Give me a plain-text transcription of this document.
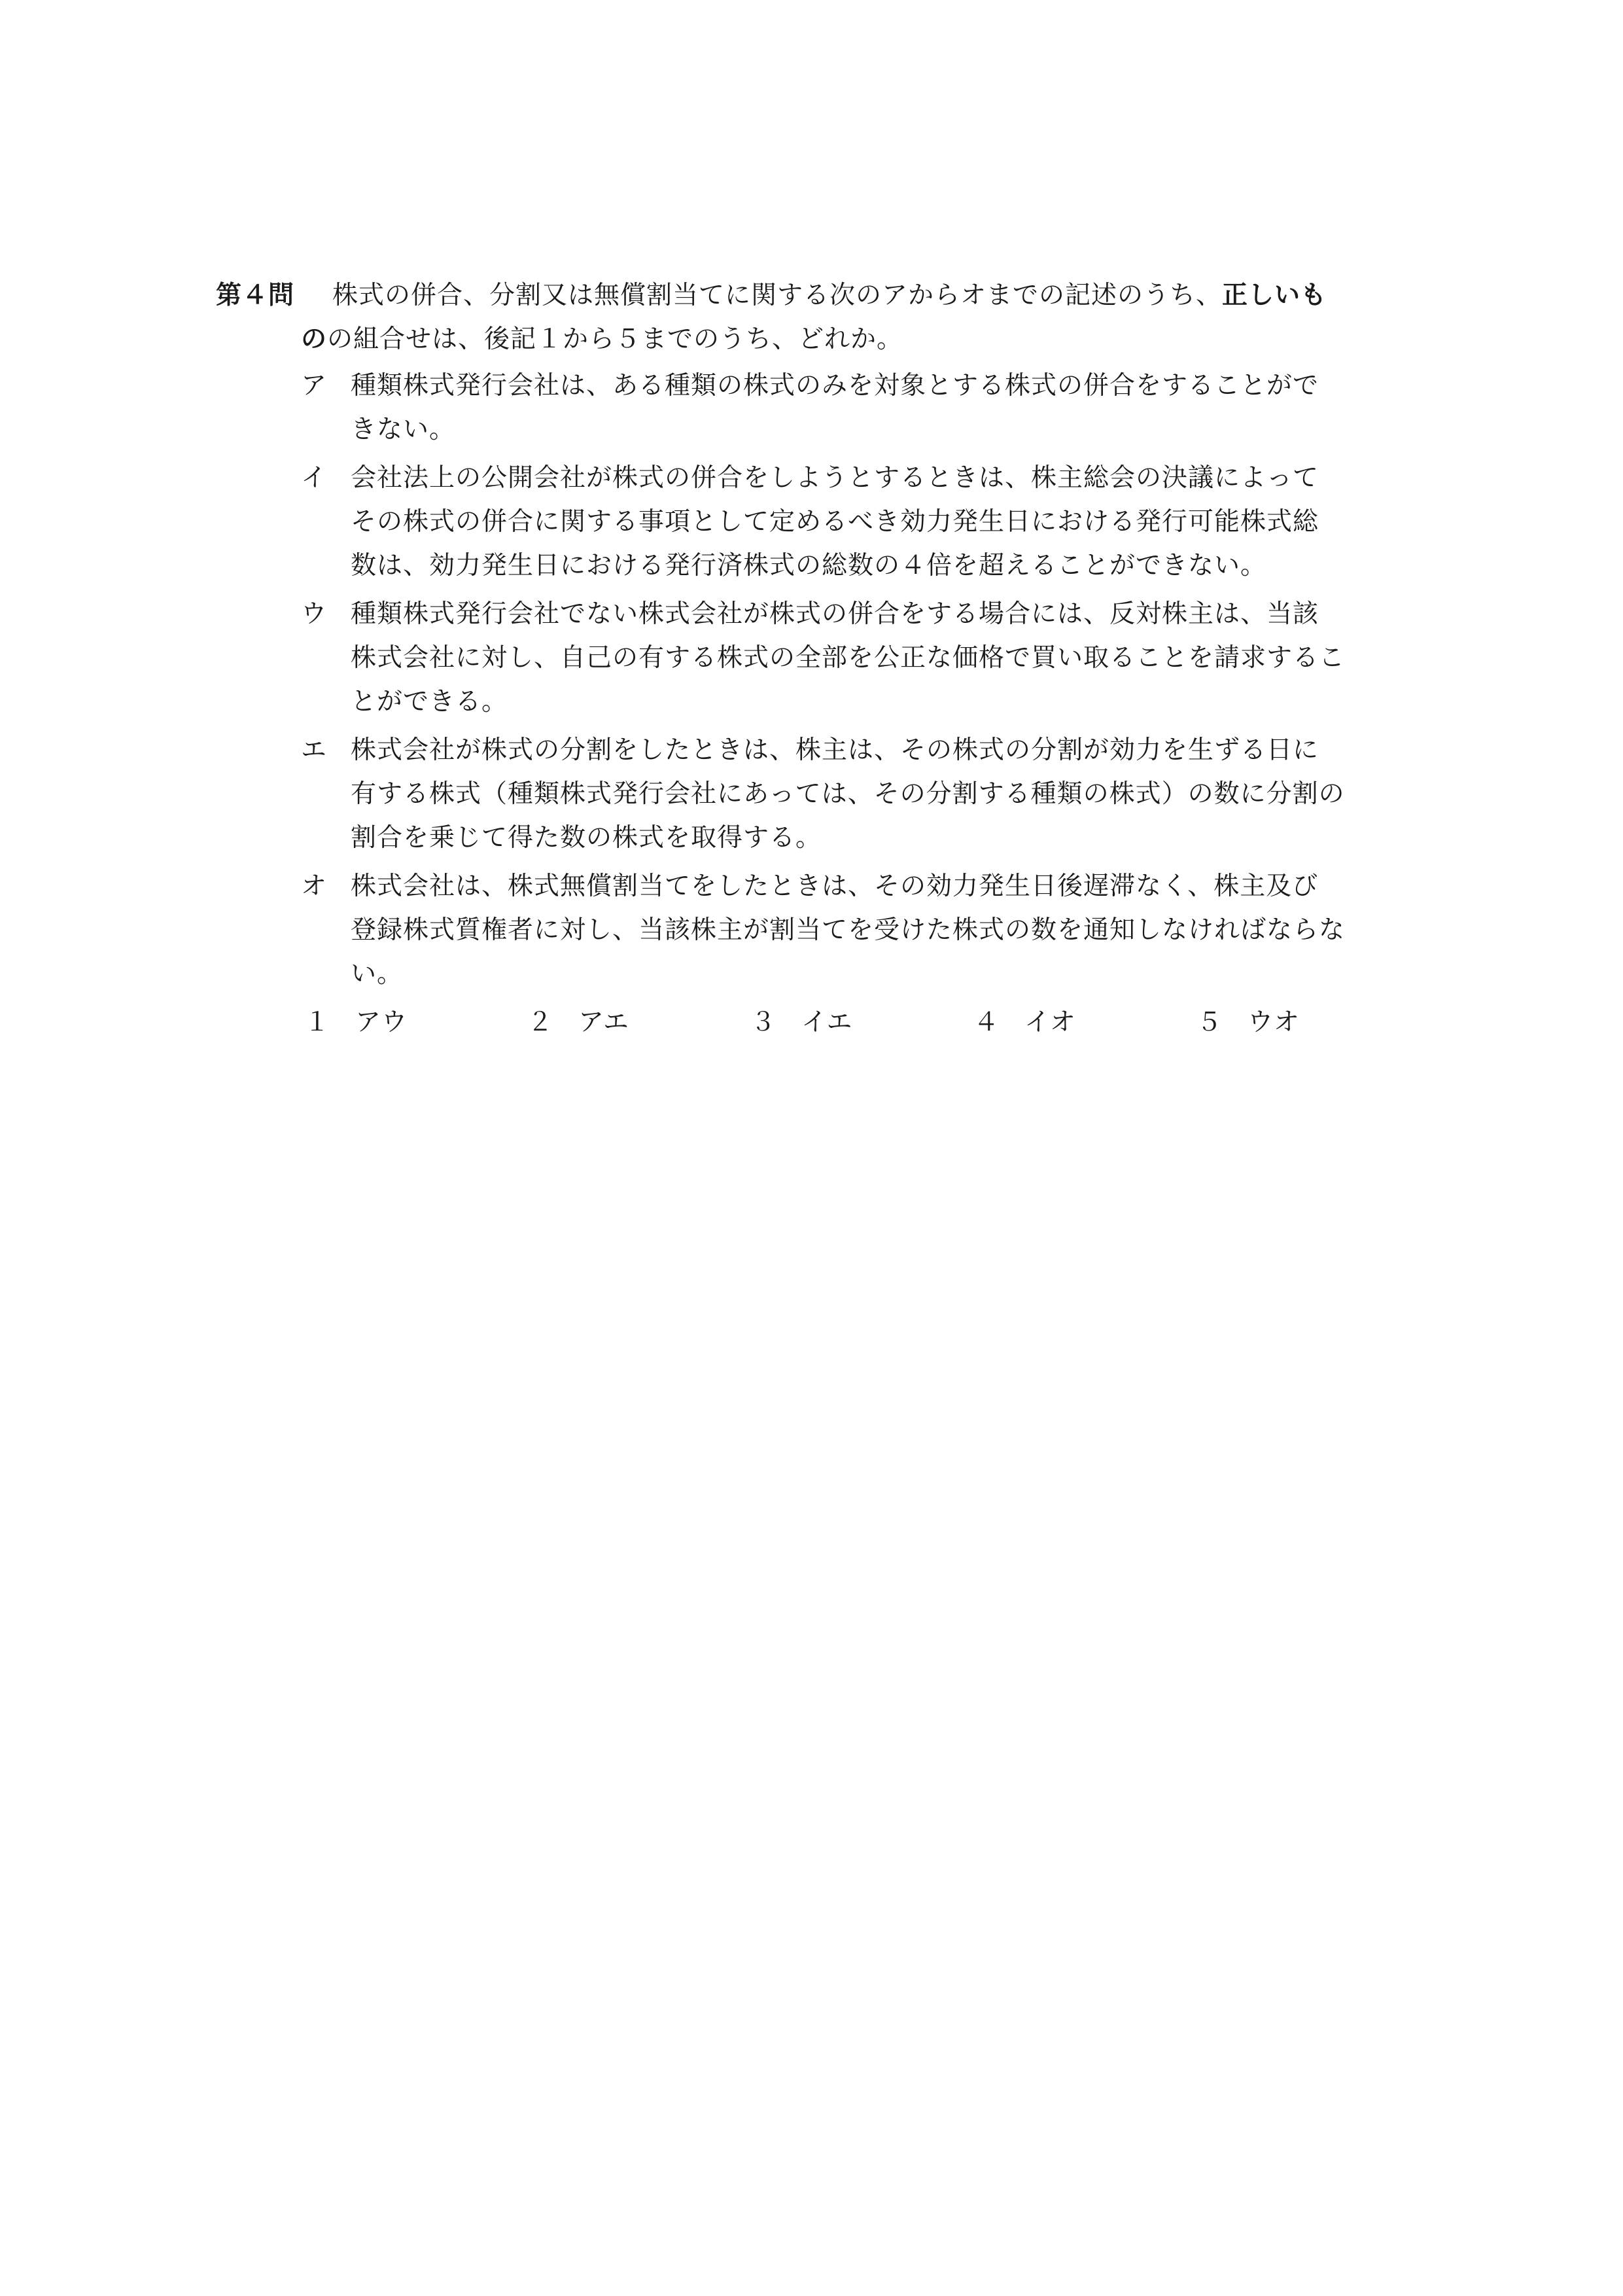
第４問	株式の併合、分割又は無償割当てに関する次のアからオまでの記述のうち、正しいも
のの組合せは、後記１から５までのうち、どれか。
ア 種類株式発行会社は、ある種類の株式のみを対象とする株式の併合をすることがで
きない。
イ 会社法上の公開会社が株式の併合をしようとするときは、株主総会の決議によって
その株式の併合に関する事項として定めるべき効力発生日における発行可能株式総
数は、効力発生日における発行済株式の総数の４倍を超えることができない。
ウ 種類株式発行会社でない株式会社が株式の併合をする場合には、反対株主は、当該
株式会社に対し、自己の有する株式の全部を公正な価格で買い取ることを請求するこ
とができる。
エ 株式会社が株式の分割をしたときは、株主は、その株式の分割が効力を生ずる日に
有する株式（種類株式発行会社にあっては、その分割する種類の株式）の数に分割の
割合を乗じて得た数の株式を取得する。
オ 株式会社は、株式無償割当てをしたときは、その効力発生日後遅滞なく、株主及び
登録株式質権者に対し、当該株主が割当てを受けた株式の数を通知しなければならな
い。
１ アウ	２ アエ	３ イエ	４ イオ	５ ウオ
